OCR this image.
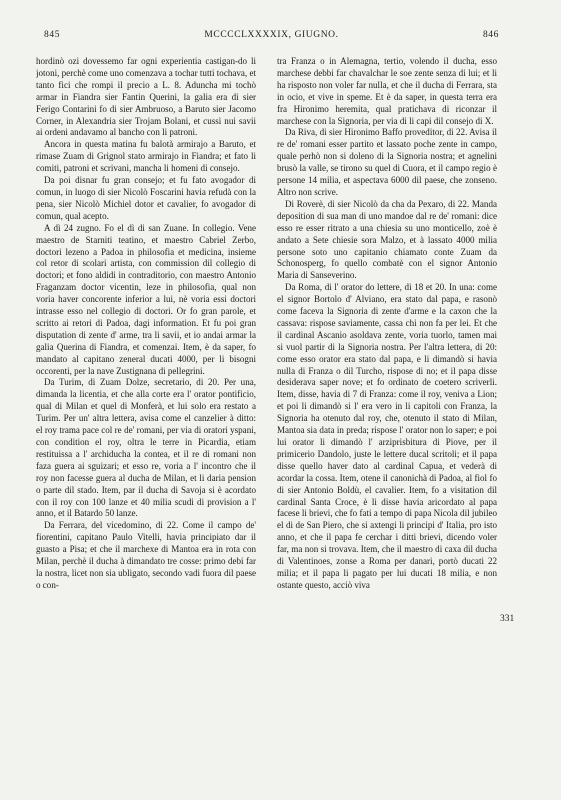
845	MCCCCLXXXXIX, GIUGNO.	846

hordinò ozi dovessemo far ogni experientia castigan-do li jotoni, perchè come uno comenzava a tochar tutti tochava, et tanto fici che rompi il precio a L. 8. Aduncha mi tochò armar in Fiandra sier Fantin Querini, la galia era di sier Ferigo Contarini fo di sier Ambruoso, a Baruto sier Jacomo Corner, in Alexandria sier Trojam Bolani, et cussì nui savii ai ordeni andavamo al bancho con li patroni.

Ancora in questa matina fu balotà armirajo a Baruto, et rimase Zuam di Grignol stato armirajo in Fiandra; et fato li comiti, patroni et scrivani, mancha li homeni di consejo.

Da poi disnar fu gran consejo; et fu fato avogador di comun, in luogo di sier Nicolò Foscarini havia refudà con la pena, sier Nicolò Michiel dotor et cavalier, fo avogador di comun, qual acepto.

A dì 24 zugno. Fo el dì di san Zuane. In collegio. Vene maestro de Starniti teatino, et maestro Cabriel Zerbo, doctori lezeno a Padoa in philosofia et medicina, insieme col retor di scolari artista, con commission dil collegio di doctori; et fono aldidi in contraditorio, con maestro Antonio Fraganzam doctor vicentin, leze in philosofia, qual non voria haver concorente inferior a lui, nè voria essi doctori intrasse esso nel collegio di doctori. Or fo gran parole, et scritto ai retori di Padoa, dagi information. Et fu poi gran disputation di zente d' arme, tra li savii, et io andai armar la galia Querina di Fiandra, et comenzai. Item, è da saper, fo mandato al capitano zeneral ducati 4000, per li bisogni occorenti, per la nave Zustignana di pellegrini.

Da Turim, di Zuam Dolze, secretario, di 20. Per una, dimanda la licentia, et che alla corte era l' orator pontificio, qual di Milan et quel di Monferà, et lui solo era restato a Turim. Per un' altra lettera, avisa come el canzelier à ditto: el roy trama pace col re de' romani, per via di oratori yspani, con condition el roy, oltra le terre in Picardia, etiam restituissa a l' archiducha la contea, et il re di romani non faza guera ai sguizari; et esso re, voria a l' incontro che il roy non facesse guera al ducha de Milan, et li daria pension o parte dil stado. Item, par il ducha di Savoja si è acordato con il roy con 100 lanze et 40 milia scudi di provision a l' anno, et il Batardo 50 lanze.

Da Ferrara, del vicedomino, di 22. Come il campo de' fiorentini, capitano Paulo Vitelli, havia principiato dar il guasto a Pisa; et che il marchexe di Mantoa era in rota con Milan, perchè il ducha à dimandato tre cosse: primo debi far la nostra, licet non sia ubligato, secondo vadi fuora dil paese o con-

tra Franza o in Alemagna, tertio, volendo il ducha, esso marchese debbi far chavalchar le soe zente senza di lui; et li ha risposto non voler far nulla, et che il ducha di Ferrara, sta in ocio, et vive in speme. Et è da saper, in questa terra era fra Hironimo heremita, qual pratichava di riconzar il marchese con la Signoria, per via di li capi dil consejo di X.

Da Riva, di sier Hironimo Baffo proveditor, di 22. Avisa il re de' romani esser partito et lassato poche zente in campo, quale perhò non si doleno di la Signoria nostra; et agnelini brusò la valle, se tirono su quel di Cuora, et il campo regio è persone 14 milia, et aspectava 6000 dil paese, che zonseno. Altro non scrive.

Di Roverè, di sier Nicolò da cha da Pexaro, di 22. Manda deposition di sua man di uno mandoe dal re de' romani: dice esso re esser ritrato a una chiesia su uno monticello, zoè è andato a Sete chiesie sora Malzo, et à lassato 4000 milia persone soto uno capitanio chiamato conte Zuam da Schonosperg, fo quello combatè con el signor Antonio Maria di Sanseverino.

Da Roma, di l' orator do lettere, di 18 et 20. In una: come el signor Bortolo d' Alviano, era stato dal papa, e rasonò come faceva la Signoria di zente d'arme e la caxon che la cassava: rispose saviamente, cassa chi non fa per lei. Et che il cardinal Ascanio asoldava zente, voria tuorlo, tamen mai si vuol partir di la Signoria nostra. Per l'altra lettera, di 20: come esso orator era stato dal papa, e li dimandò si havia nulla di Franza o dil Turcho, rispose di no; et il papa disse desiderava saper nove; et fo ordinato de coetero scriverli. Item, disse, havia di 7 di Franza: come il roy, veniva a Lion; et poi li dimandò si l' era vero in li capitoli con Franza, la Signoria ha otenuto dal roy, che, otenuto il stato di Milan, Mantoa sia data in preda; rispose l' orator non lo saper; e poi lui orator li dimandò l' arziprisbitura di Piove, per il primicerio Dandolo, juste le lettere ducal scritoli; et il papa disse quello haver dato al cardinal Capua, et vederà di acordar la cossa. Item, otene il canonichà di Padoa, al fiol fo di sier Antonio Boldù, el cavalier. Item, fo a visitation dil cardinal Santa Croce, è li disse havia aricordato al papa facese li brievi, che fo fati a tempo di papa Nicola dil jubileo el di de San Piero, che si axtengi li principi d' Italia, pro isto anno, et che il papa fe cerchar i ditti brievi, dicendo voler far, ma non si trovava. Item, che il maestro di caxa dil ducha di Valentinoes, zonse a Roma per danari, portò ducati 22 milia; et il papa li pagato per lui ducati 18 milia, e non ostante questo, acciò viva

331
